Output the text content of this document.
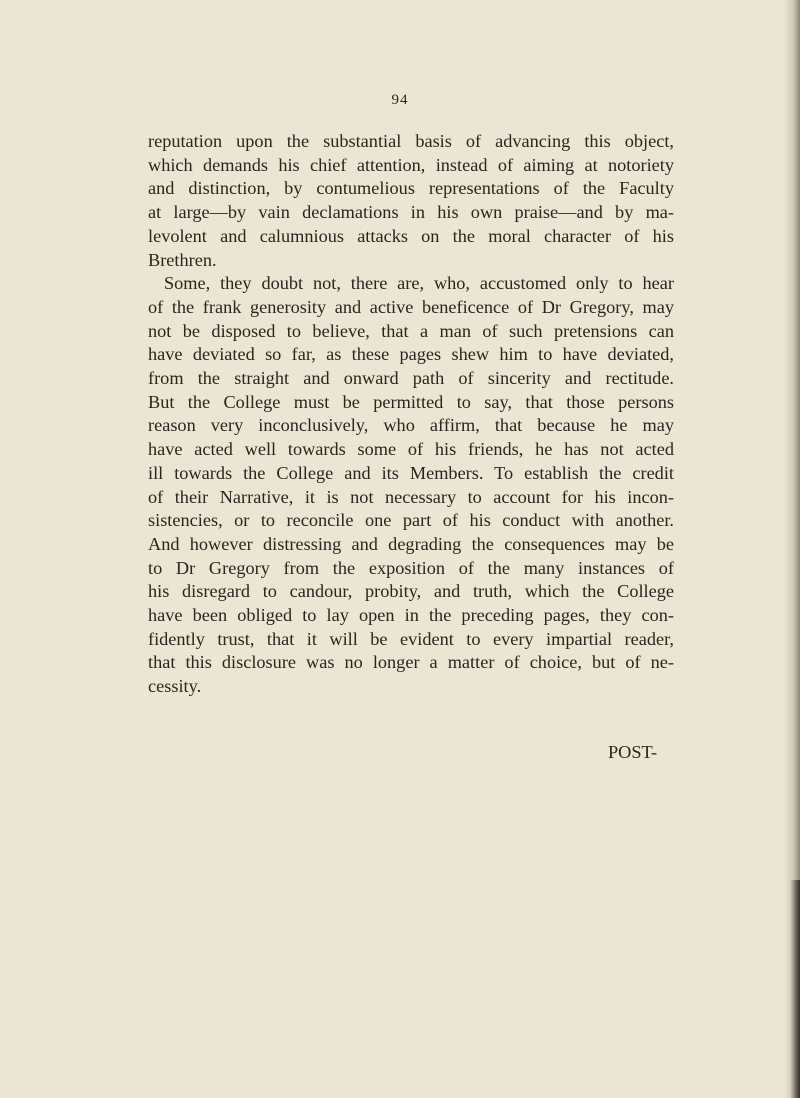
94
reputation upon the substantial basis of advancing this object,
which demands his chief attention, instead of aiming at notoriety
and distinction, by contumelious representations of the Faculty
at large—by vain declamations in his own praise—and by ma-
levolent and calumnious attacks on the moral character of his
Brethren.
Some, they doubt not, there are, who, accustomed only to hear
of the frank generosity and active beneficence of Dr Gregory, may
not be disposed to believe, that a man of such pretensions can
have deviated so far, as these pages shew him to have deviated,
from the straight and onward path of sincerity and rectitude.
But the College must be permitted to say, that those persons
reason very inconclusively, who affirm, that because he may
have acted well towards some of his friends, he has not acted
ill towards the College and its Members. To establish the credit
of their Narrative, it is not necessary to account for his incon-
sistencies, or to reconcile one part of his conduct with another.
And however distressing and degrading the consequences may be
to Dr Gregory from the exposition of the many instances of
his disregard to candour, probity, and truth, which the College
have been obliged to lay open in the preceding pages, they con-
fidently trust, that it will be evident to every impartial reader,
that this disclosure was no longer a matter of choice, but of ne-
cessity.
POST-
